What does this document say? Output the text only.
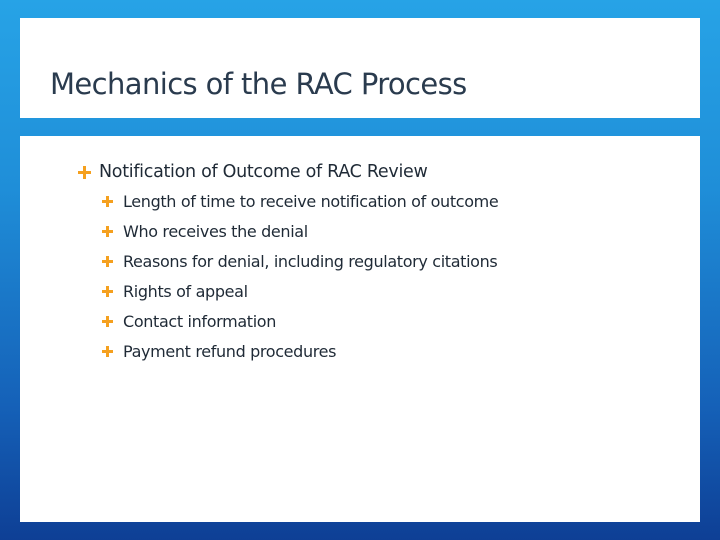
Mechanics of the RAC Process
Notification of Outcome of RAC Review
Length of time to receive notification of outcome
Who receives the denial
Reasons for denial, including regulatory citations
Rights of appeal
Contact information
Payment refund procedures
